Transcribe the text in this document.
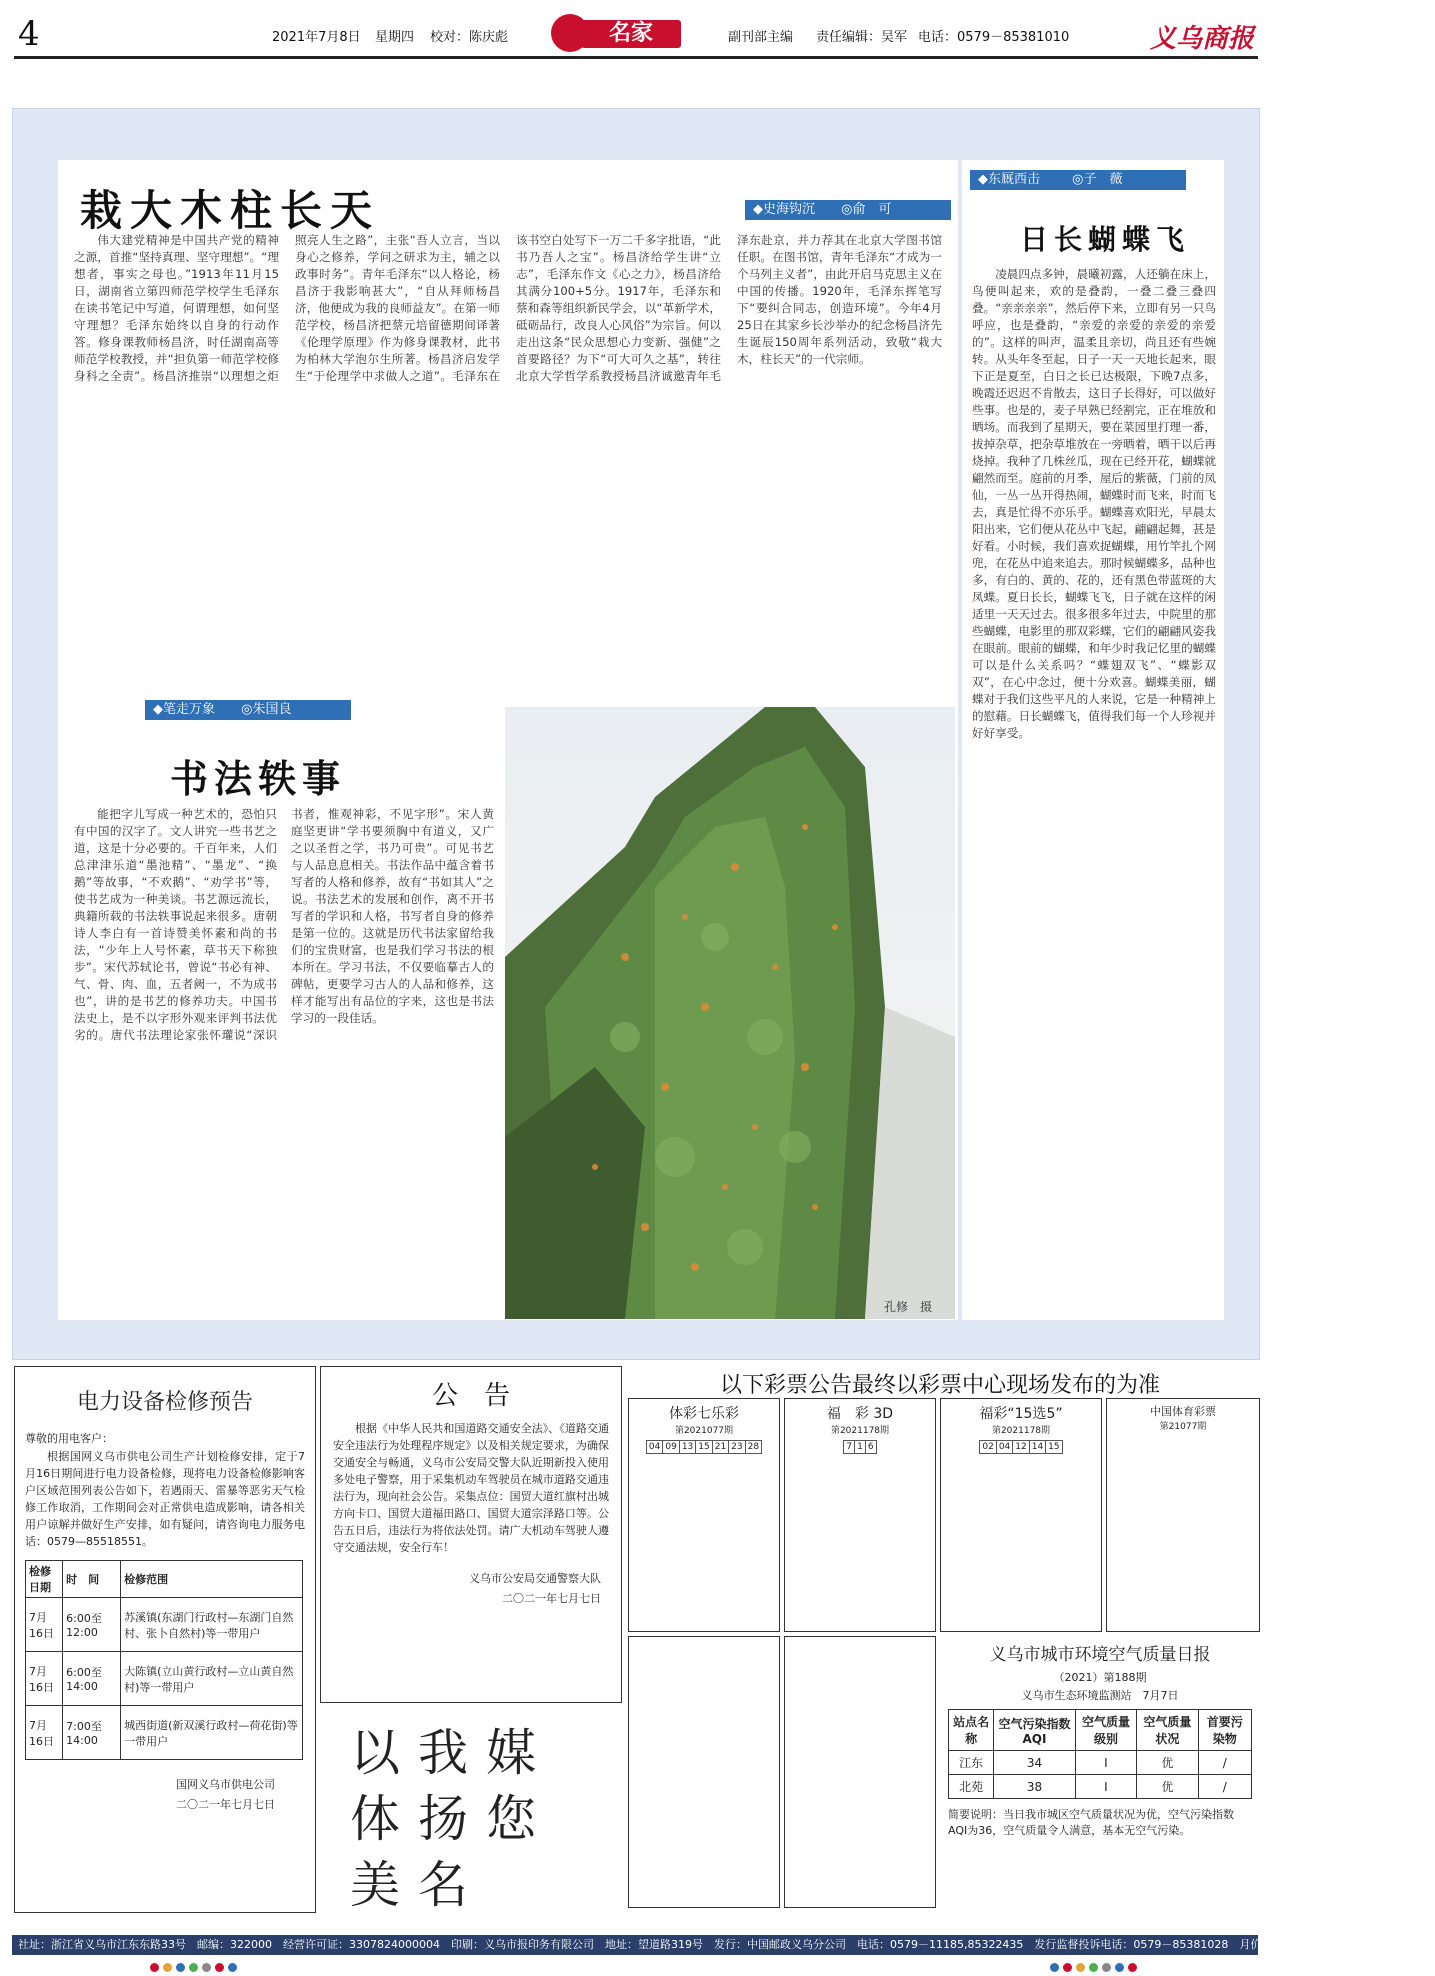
4	2021年7月8日 星期四 校对：陈庆彪	名家	副刊部主编 责任编辑：吴军 电话：0579－85381010	义乌商报
栽大木柱长天	◆史海钩沉 ◎俞　可

伟大建党精神是中国共产党的精神之源，首推“坚持真理、坚守理想”。“理想者，事实之母也。”1913年11月15日，湖南省立第四师范学校学生毛泽东在读书笔记中写道，何谓理想，如何坚守理想？毛泽东始终以自身的行动作答。修身课教师杨昌济，时任湖南高等师范学校教授，并“担负第一师范学校修身科之全责”。杨昌济推崇“以理想之炬照亮人生之路”，主张“吾人立言，当以身心之修养，学问之研求为主，辅之以政事时务”。青年毛泽东“以人格论，杨昌济于我影响甚大”，“自从拜师杨昌济，他便成为我的良师益友”。在第一师范学校，杨昌济把蔡元培留德期间译著《伦理学原理》作为修身课教材，此书为柏林大学泡尔生所著。杨昌济启发学生“于伦理学中求做人之道”。毛泽东在该书空白处写下一万二千多字批语，“此书乃吾人之宝”。杨昌济给学生讲“立志”，毛泽东作文《心之力》，杨昌济给其满分100+5分。1917年，毛泽东和蔡和森等组织新民学会，以“革新学术，砥砺品行，改良人心风俗”为宗旨。何以走出这条“民众思想心力变新、强健”之首要路径？为下“可大可久之基”，转往北京大学哲学系教授杨昌济诚邀青年毛泽东赴京，并力荐其在北京大学图书馆任职。在图书馆，青年毛泽东“才成为一个马列主义者”，由此开启马克思主义在中国的传播。1920年，毛泽东挥笔写下“要纠合同志，创造环境”。今年4月25日在其家乡长沙举办的纪念杨昌济先生诞辰150周年系列活动，致敬“栽大木，柱长天”的一代宗师。

◆笔走万象 ◎朱国良
书法轶事

能把字儿写成一种艺术的，恐怕只有中国的汉字了。文人讲究一些书艺之道，这是十分必要的。千百年来，人们总津津乐道“墨池精”、“墨龙”、“换鹅”等故事，“不欢鹅”、“劝学书”等，使书艺成为一种美谈。书艺源远流长，典籍所载的书法轶事说起来很多。唐朝诗人李白有一首诗赞美怀素和尚的书法，“少年上人号怀素，草书天下称独步”。宋代苏轼论书，曾说“书必有神、气、骨、肉、血，五者阙一，不为成书也”，讲的是书艺的修养功夫。中国书法史上，是不以字形外观来评判书法优劣的。唐代书法理论家张怀瓘说“深识书者，惟观神彩，不见字形”。宋人黄庭坚更讲“学书要须胸中有道义，又广之以圣哲之学，书乃可贵”。可见书艺与人品息息相关。书法作品中蕴含着书写者的人格和修养，故有“书如其人”之说。书法艺术的发展和创作，离不开书写者的学识和人格，书写者自身的修养是第一位的。这就是历代书法家留给我们的宝贵财富，也是我们学习书法的根本所在。学习书法，不仅要临摹古人的碑帖，更要学习古人的人品和修养，这样才能写出有品位的字来，这也是书法学习的一段佳话。

孔修　摄
◆东厩西击 ◎子　薇
日长蝴蝶飞

凌晨四点多钟，晨曦初露，人还躺在床上，鸟便叫起来，欢的是叠韵，一叠二叠三叠四叠。“亲亲亲亲”，然后停下来，立即有另一只鸟呼应，也是叠韵，“亲爱的亲爱的亲爱的亲爱的”。这样的叫声，温柔且亲切，尚且还有些婉转。从头年冬至起，日子一天一天地长起来，眼下正是夏至，白日之长已达极限，下晚7点多，晚霞还迟迟不肯散去，这日子长得好，可以做好些事。也是的，麦子早熟已经割完，正在堆放和晒场。而我到了星期天，要在菜园里打理一番，拔掉杂草，把杂草堆放在一旁晒着，晒干以后再烧掉。我种了几株丝瓜，现在已经开花，蝴蝶就翩然而至。庭前的月季，屋后的紫薇，门前的凤仙，一丛一丛开得热闹，蝴蝶时而飞来，时而飞去，真是忙得不亦乐乎。蝴蝶喜欢阳光，早晨太阳出来，它们便从花丛中飞起，翩翩起舞，甚是好看。小时候，我们喜欢捉蝴蝶，用竹竿扎个网兜，在花丛中追来追去。那时候蝴蝶多，品种也多，有白的、黄的、花的，还有黑色带蓝斑的大凤蝶。夏日长长，蝴蝶飞飞，日子就在这样的闲适里一天天过去。很多很多年过去，中院里的那些蝴蝶，电影里的那双彩蝶，它们的翩翩风姿我在眼前。眼前的蝴蝶，和年少时我记忆里的蝴蝶可以是什么关系吗？“蝶翅双飞”、“蝶影双双”，在心中念过，便十分欢喜。蝴蝶美丽，蝴蝶对于我们这些平凡的人来说，它是一种精神上的慰藉。日长蝴蝶飞，值得我们每一个人珍视并好好享受。

电力设备检修预告
尊敬的用电客户：
根据国网义乌市供电公司生产计划检修安排，定于7月16日期间进行电力设备检修，现将电力设备检修影响客户区域范围列表公告如下，若遇雨天、雷暴等恶劣天气检修工作取消，工作期间会对正常供电造成影响，请各相关用户谅解并做好生产安排，如有疑问，请咨询电力服务电话：0579—85518551。
检修日期	时　间	检修范围
7月16日	6:00至12:00	苏溪镇(东湖门行政村—东湖门自然村、张卜自然村)等一带用户
7月16日	6:00至14:00	大陈镇(立山黄行政村—立山黄自然村)等一带用户
7月16日	7:00至14:00	城西街道(新双溪行政村—荷花街)等一带用户
国网义乌市供电公司
二〇二一年七月七日
公　告
根据《中华人民共和国道路交通安全法》、《道路交通安全违法行为处理程序规定》以及相关规定要求，为确保交通安全与畅通，义乌市公安局交警大队近期新投入使用多处电子警察，用于采集机动车驾驶员在城市道路交通违法行为，现向社会公告。采集点位：国贸大道红旗村出城方向卡口、国贸大道福田路口、国贸大道宗泽路口等。公告五日后，违法行为将依法处罚。请广大机动车驾驶人遵守交通法规，安全行车！
义乌市公安局交通警察大队
二〇二一年七月七日
以我媒体扬您美名
以下彩票公告最终以彩票中心现场发布的为准
体彩七乐彩
第2021077期
04	09	13	15	21	23	28
福　彩 3D
第2021178期
7	1	6
福彩“15选5”
第2021178期
02	04	12	14	15
中国体育彩票
第21077期
义乌市城市环境空气质量日报
（2021）第188期
义乌市生态环境监测站　7月7日
站点名称	空气污染指数AQI	空气质量级别	空气质量状况	首要污染物
江东	34	Ⅰ	优	/
北苑	38	Ⅰ	优	/
简要说明：当日我市城区空气质量状况为优，空气污染指数AQI为36，空气质量令人满意，基本无空气污染。
社址：浙江省义乌市江东东路33号　邮编：322000　经营许可证：3307824000004　印刷：义乌市报印务有限公司　地址：望道路319号　发行：中国邮政义乌分公司　电话：0579－11185,85322435　发行监督投诉电话：0579－85381028　月价：24.90元/份　零售价：1.00元/份
